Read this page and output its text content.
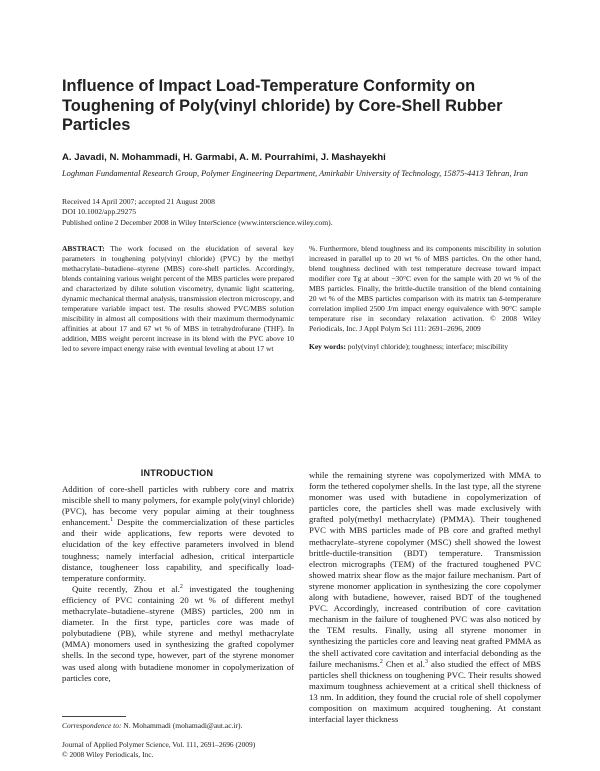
Influence of Impact Load-Temperature Conformity on Toughening of Poly(vinyl chloride) by Core-Shell Rubber Particles
A. Javadi, N. Mohammadi, H. Garmabi, A. M. Pourrahimi, J. Mashayekhi
Loghman Fundamental Research Group, Polymer Engineering Department, Amirkabir University of Technology, 15875-4413 Tehran, Iran
Received 14 April 2007; accepted 21 August 2008
DOI 10.1002/app.29275
Published online 2 December 2008 in Wiley InterScience (www.interscience.wiley.com).
ABSTRACT: The work focused on the elucidation of several key parameters in toughening poly(vinyl chloride) (PVC) by the methyl methacrylate–butadiene–styrene (MBS) core-shell particles. Accordingly, blends containing various weight percent of the MBS particles were prepared and characterized by dilute solution viscometry, dynamic light scattering, dynamic mechanical thermal analysis, transmission electron microscopy, and temperature variable impact test. The results showed PVC/MBS solution miscibility in almost all compositions with their maximum thermodynamic affinities at about 17 and 67 wt % of MBS in tetrahydrofurane (THF). In addition, MBS weight percent increase in its blend with the PVC above 10 led to severe impact energy raise with eventual leveling at about 17 wt
%. Furthermore, blend toughness and its components miscibility in solution increased in parallel up to 20 wt % of MBS particles. On the other hand, blend toughness declined with test temperature decrease toward impact modifier core Tg at about −30°C even for the sample with 20 wt % of the MBS particles. Finally, the brittle-ductile transition of the blend containing 20 wt % of the MBS particles comparison with its matrix tan δ-temperature correlation implied 2500 J/m impact energy equivalence with 90°C sample temperature rise in secondary relaxation activation. © 2008 Wiley Periodicals, Inc. J Appl Polym Sci 111: 2691–2696, 2009
Key words: poly(vinyl chloride); toughness; interface; miscibility
INTRODUCTION

Addition of core-shell particles with rubbery core and matrix miscible shell to many polymers, for example poly(vinyl chloride) (PVC), has become very popular aiming at their toughness enhancement.$^1$ Despite the commercialization of these particles and their wide applications, few reports were devoted to elucidation of the key effective parameters involved in blend toughness; namely interfacial adhesion, critical interparticle distance, tougheneer loss capability, and specifically load-temperature conformity.

Quite recently, Zhou et al.$^2$ investigated the toughening efficiency of PVC containing 20 wt % of different methyl methacrylate–butadiene–styrene (MBS) particles, 200 nm in diameter. In the first type, particles core was made of polybutadiene (PB), while styrene and methyl methacrylate (MMA) monomers used in synthesizing the grafted copolymer shells. In the second type, however, part of the styrene monomer was used along with butadiene monomer in copolymerization of particles core,

while the remaining styrene was copolymerized with MMA to form the tethered copolymer shells. In the last type, all the styrene monomer was used with butadiene in copolymerization of particles core, the particles shell was made exclusively with grafted poly(methyl methacrylate) (PMMA). Their toughened PVC with MBS particles made of PB core and grafted methyl methacrylate–styrene copolymer (MSC) shell showed the lowest brittle-ductile-transition (BDT) temperature. Transmission electron micrographs (TEM) of the fractured toughened PVC showed matrix shear flow as the major failure mechanism. Part of styrene monomer application in synthesizing the core copolymer along with butadiene, however, raised BDT of the toughened PVC. Accordingly, increased contribution of core cavitation mechanism in the failure of toughened PVC was also noticed by the TEM results. Finally, using all styrene monomer in synthesizing the particles core and leaving neat grafted PMMA as the shell activated core cavitation and interfacial debonding as the failure mechanisms.$^2$ Chen et al.$^3$ also studied the effect of MBS particles shell thickness on toughening PVC. Their results showed maximum toughness achievement at a critical shell thickness of 13 nm. In addition, they found the crucial role of shell copolymer composition on maximum acquired toughening. At constant interfacial layer thickness

Correspondence to: N. Mohammadi (mohamadi@aut.ac.ir).
Journal of Applied Polymer Science, Vol. 111, 2691–2696 (2009)
© 2008 Wiley Periodicals, Inc.
